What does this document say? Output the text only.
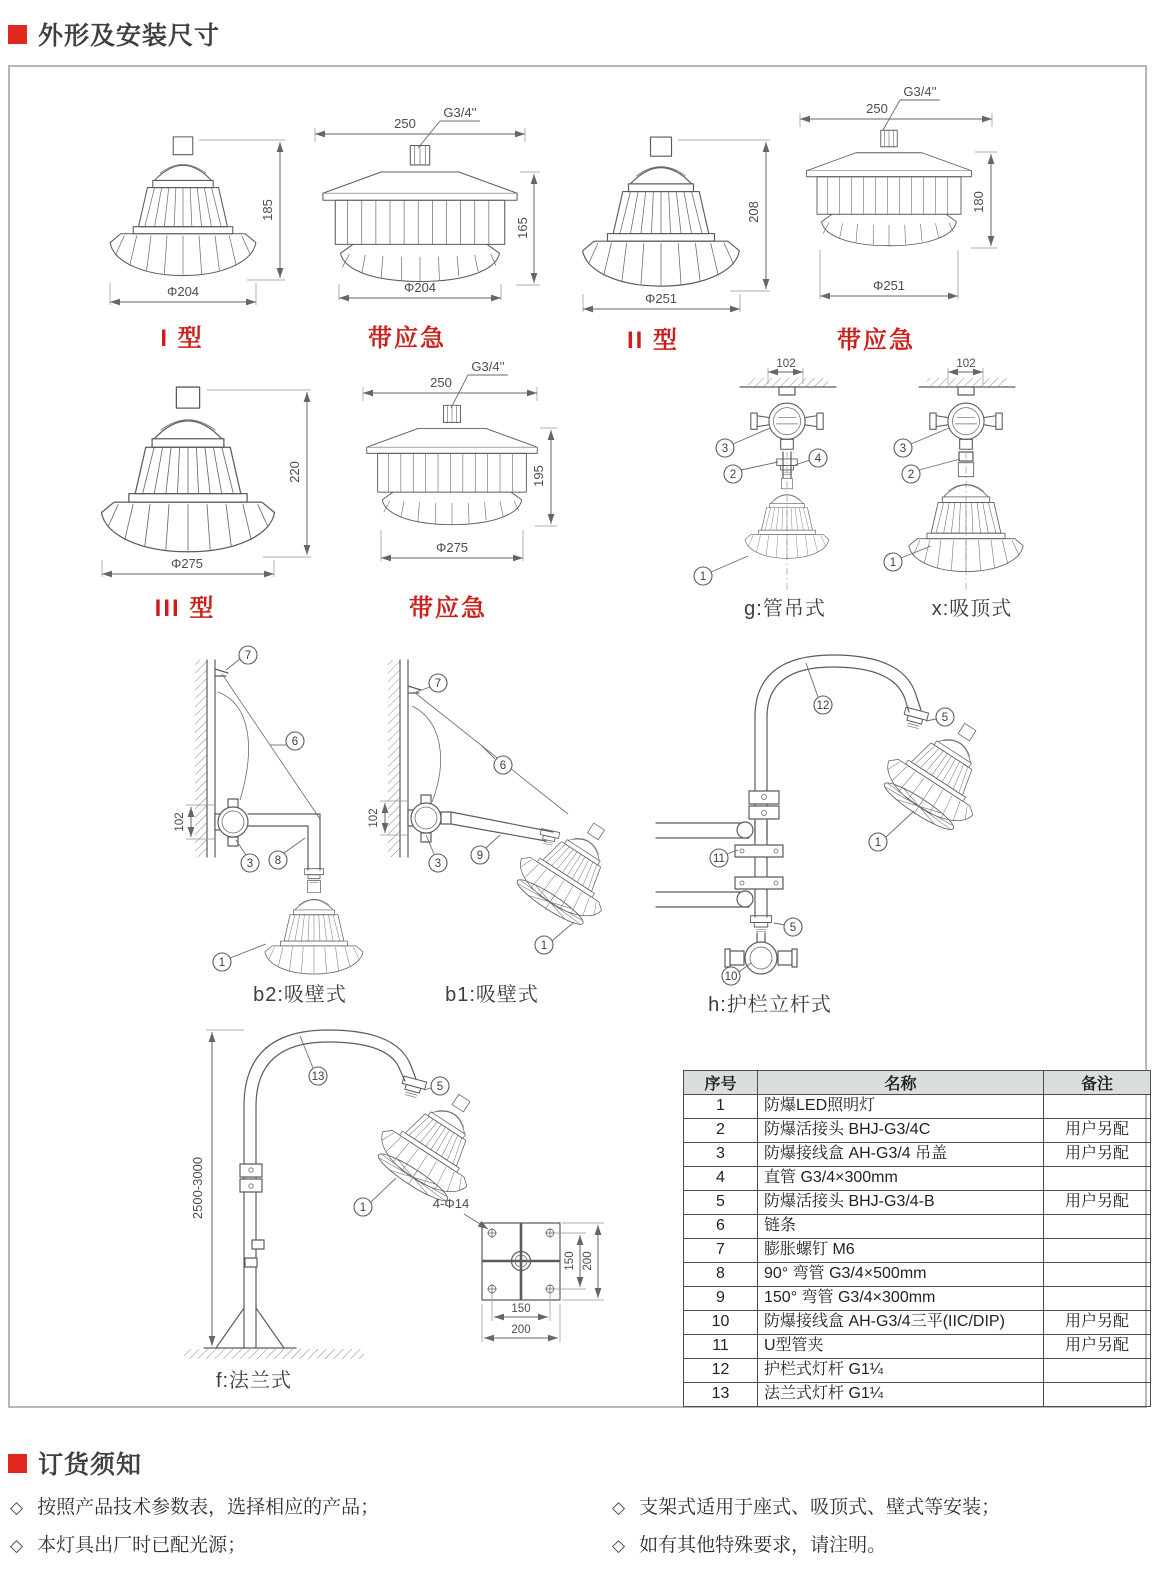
外形及安装尺寸
185
Φ204
G3/4''
250
165
Φ204
208
Φ251
G3/4''
250
180
Φ251
220
Φ275
G3/4''
250
195
Φ275
102
3
2
4
1
102
3
2
1
102
7
6
3 8
1
102
7
6
3
9
1
12
5
1
11
5
10
2500-3000
13
5
1	4-Φ14
150 200
150
200
I 型	带应急	II 型	带应急
III 型	带应急	g:管吊式	x:吸顶式
b2:吸壁式	b1:吸壁式	h:护栏立杆式
f:法兰式
序号	名称	备注
1	防爆LED照明灯	
2	防爆活接头 BHJ-G3/4C	用户另配
3	防爆接线盒 AH-G3/4 吊盖	用户另配
4	直管 G3/4×300mm	
5	防爆活接头 BHJ-G3/4-B	用户另配
6	链条	
7	膨胀螺钉 M6	
8	90° 弯管 G3/4×500mm	
9	150° 弯管 G3/4×300mm	
10	防爆接线盒 AH-G3/4三平(IIC/DIP)	用户另配
11	U型管夹	用户另配
12	护栏式灯杆 G1¼	
13	法兰式灯杆 G1¼	
订货须知
◇ 按照产品技术参数表，选择相应的产品；
◇ 本灯具出厂时已配光源；
◇ 支架式适用于座式、吸顶式、壁式等安装；
◇ 如有其他特殊要求，请注明。
